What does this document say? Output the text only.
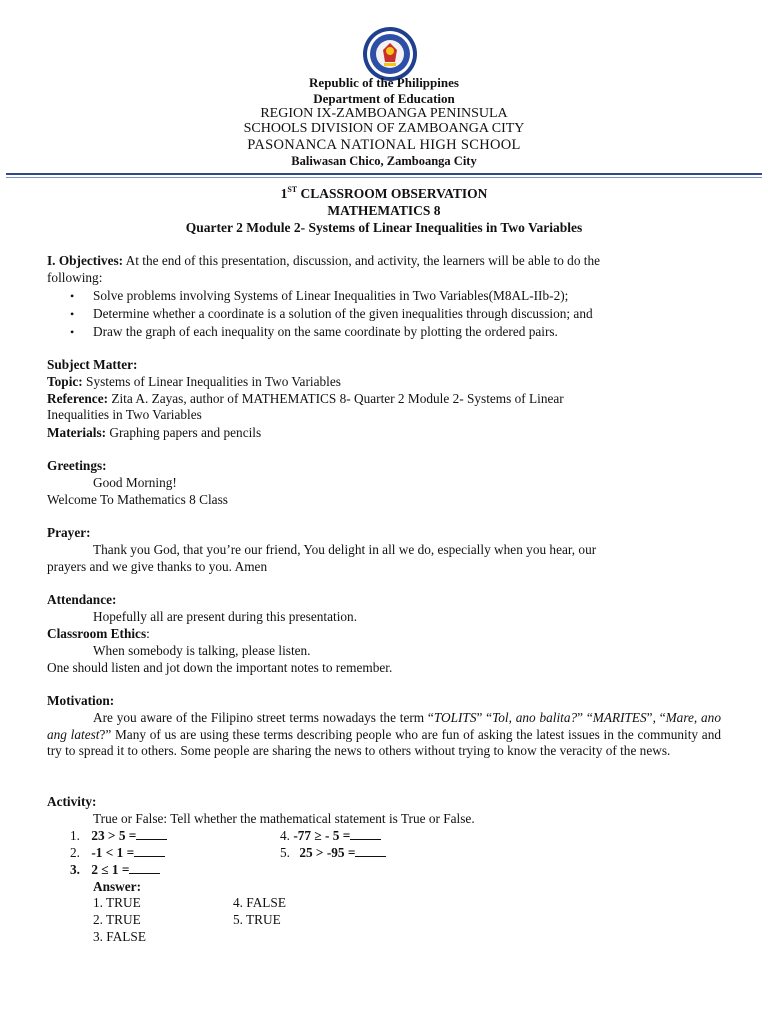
Republic of the Philippines
Department of Education
REGION IX-ZAMBOANGA PENINSULA
SCHOOLS DIVISION OF ZAMBOANGA CITY
PASONANCA NATIONAL HIGH SCHOOL
Baliwasan Chico, Zamboanga City
1ST CLASSROOM OBSERVATION
MATHEMATICS 8
Quarter 2 Module 2- Systems of Linear Inequalities in Two Variables
I. Objectives: At the end of this presentation, discussion, and activity, the learners will be able to do the
following:
• Solve problems involving Systems of Linear Inequalities in Two Variables(M8AL-IIb-2);
• Determine whether a coordinate is a solution of the given inequalities through discussion; and
• Draw the graph of each inequality on the same coordinate by plotting the ordered pairs.
Subject Matter:
Topic: Systems of Linear Inequalities in Two Variables
Reference: Zita A. Zayas, author of MATHEMATICS 8- Quarter 2 Module 2- Systems of Linear
Inequalities in Two Variables
Materials: Graphing papers and pencils
Greetings:
Good Morning!
Welcome To Mathematics 8 Class
Prayer:
Thank you God, that you’re our friend, You delight in all we do, especially when you hear, our
prayers and we give thanks to you. Amen
Attendance:
Hopefully all are present during this presentation.
Classroom Ethics:
When somebody is talking, please listen.
One should listen and jot down the important notes to remember.
Motivation:
Are you aware of the Filipino street terms nowadays the term “TOLITS” “Tol, ano balita?” “MARITES”, “Mare, ano ang latest?” Many of us are using these terms describing people who are fun of asking the latest issues in the community and try to spread it to others. Some people are sharing the news to others without trying to know the veracity of the news.
Activity:
True or False: Tell whether the mathematical statement is True or False.
1. 23 > 5 =	4. -77 ≥ - 5 =
2. -1 < 1 =	5. 25 > -95 =
3. 2 ≤ 1 =
Answer:
1. TRUE
2. TRUE
3. FALSE
4. FALSE
5. TRUE
